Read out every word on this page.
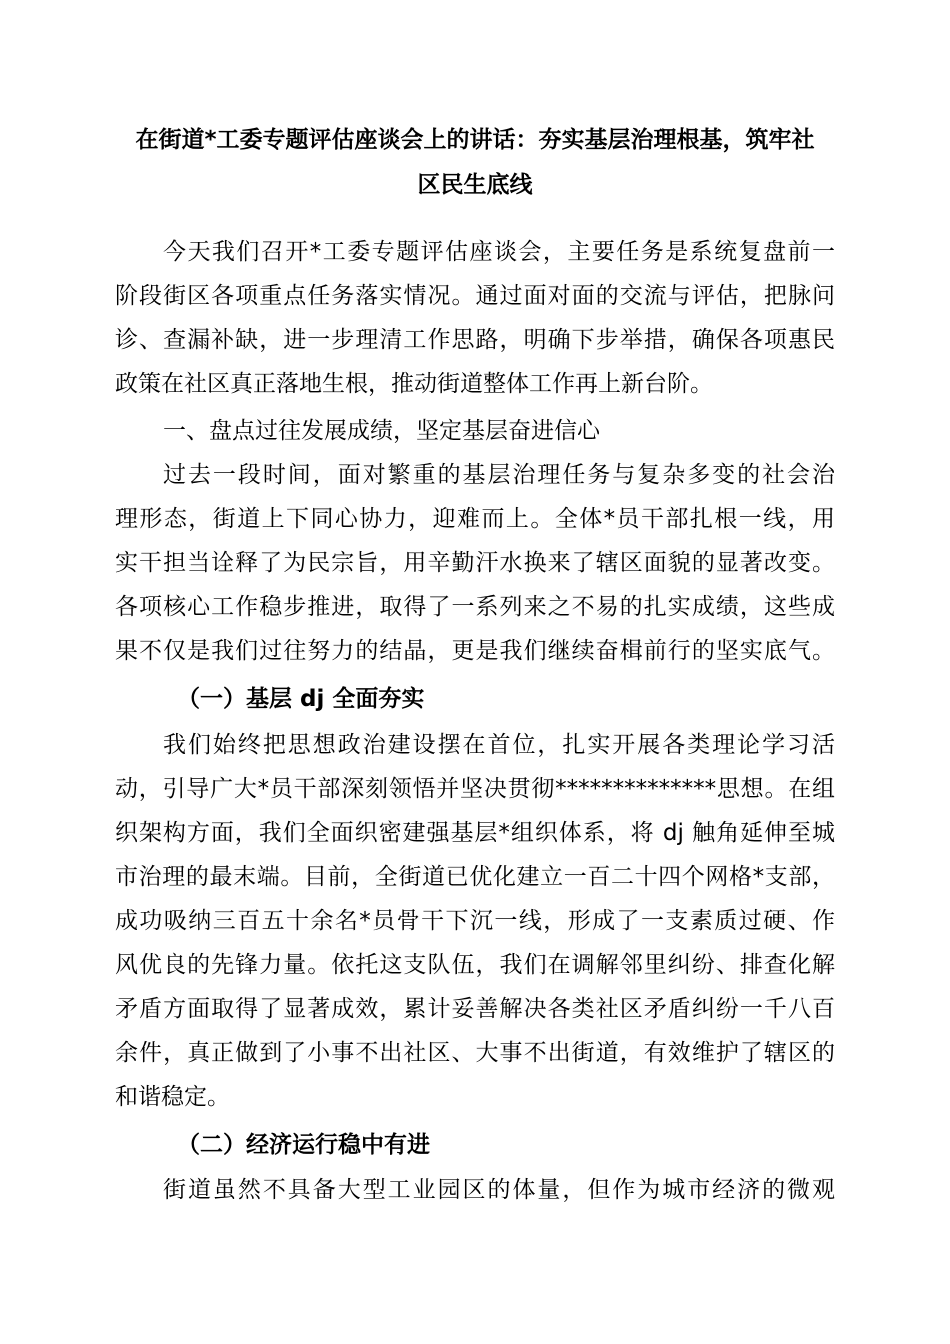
在街道*工委专题评估座谈会上的讲话：夯实基层治理根基，筑牢社
区民生底线
今天我们召开*工委专题评估座谈会，主要任务是系统复盘前一
阶段街区各项重点任务落实情况。通过面对面的交流与评估，把脉问
诊、查漏补缺，进一步理清工作思路，明确下步举措，确保各项惠民
政策在社区真正落地生根，推动街道整体工作再上新台阶。
一、盘点过往发展成绩，坚定基层奋进信心
过去一段时间，面对繁重的基层治理任务与复杂多变的社会治
理形态，街道上下同心协力，迎难而上。全体*员干部扎根一线，用
实干担当诠释了为民宗旨，用辛勤汗水换来了辖区面貌的显著改变。
各项核心工作稳步推进，取得了一系列来之不易的扎实成绩，这些成
果不仅是我们过往努力的结晶，更是我们继续奋楫前行的坚实底气。
（一）基层 dj 全面夯实
我们始终把思想政治建设摆在首位，扎实开展各类理论学习活
动，引导广大*员干部深刻领悟并坚决贯彻**************思想。在组
织架构方面，我们全面织密建强基层*组织体系，将 dj 触角延伸至城
市治理的最末端。目前，全街道已优化建立一百二十四个网格*支部，
成功吸纳三百五十余名*员骨干下沉一线，形成了一支素质过硬、作
风优良的先锋力量。依托这支队伍，我们在调解邻里纠纷、排查化解
矛盾方面取得了显著成效，累计妥善解决各类社区矛盾纠纷一千八百
余件，真正做到了小事不出社区、大事不出街道，有效维护了辖区的
和谐稳定。
（二）经济运行稳中有进
街道虽然不具备大型工业园区的体量，但作为城市经济的微观
